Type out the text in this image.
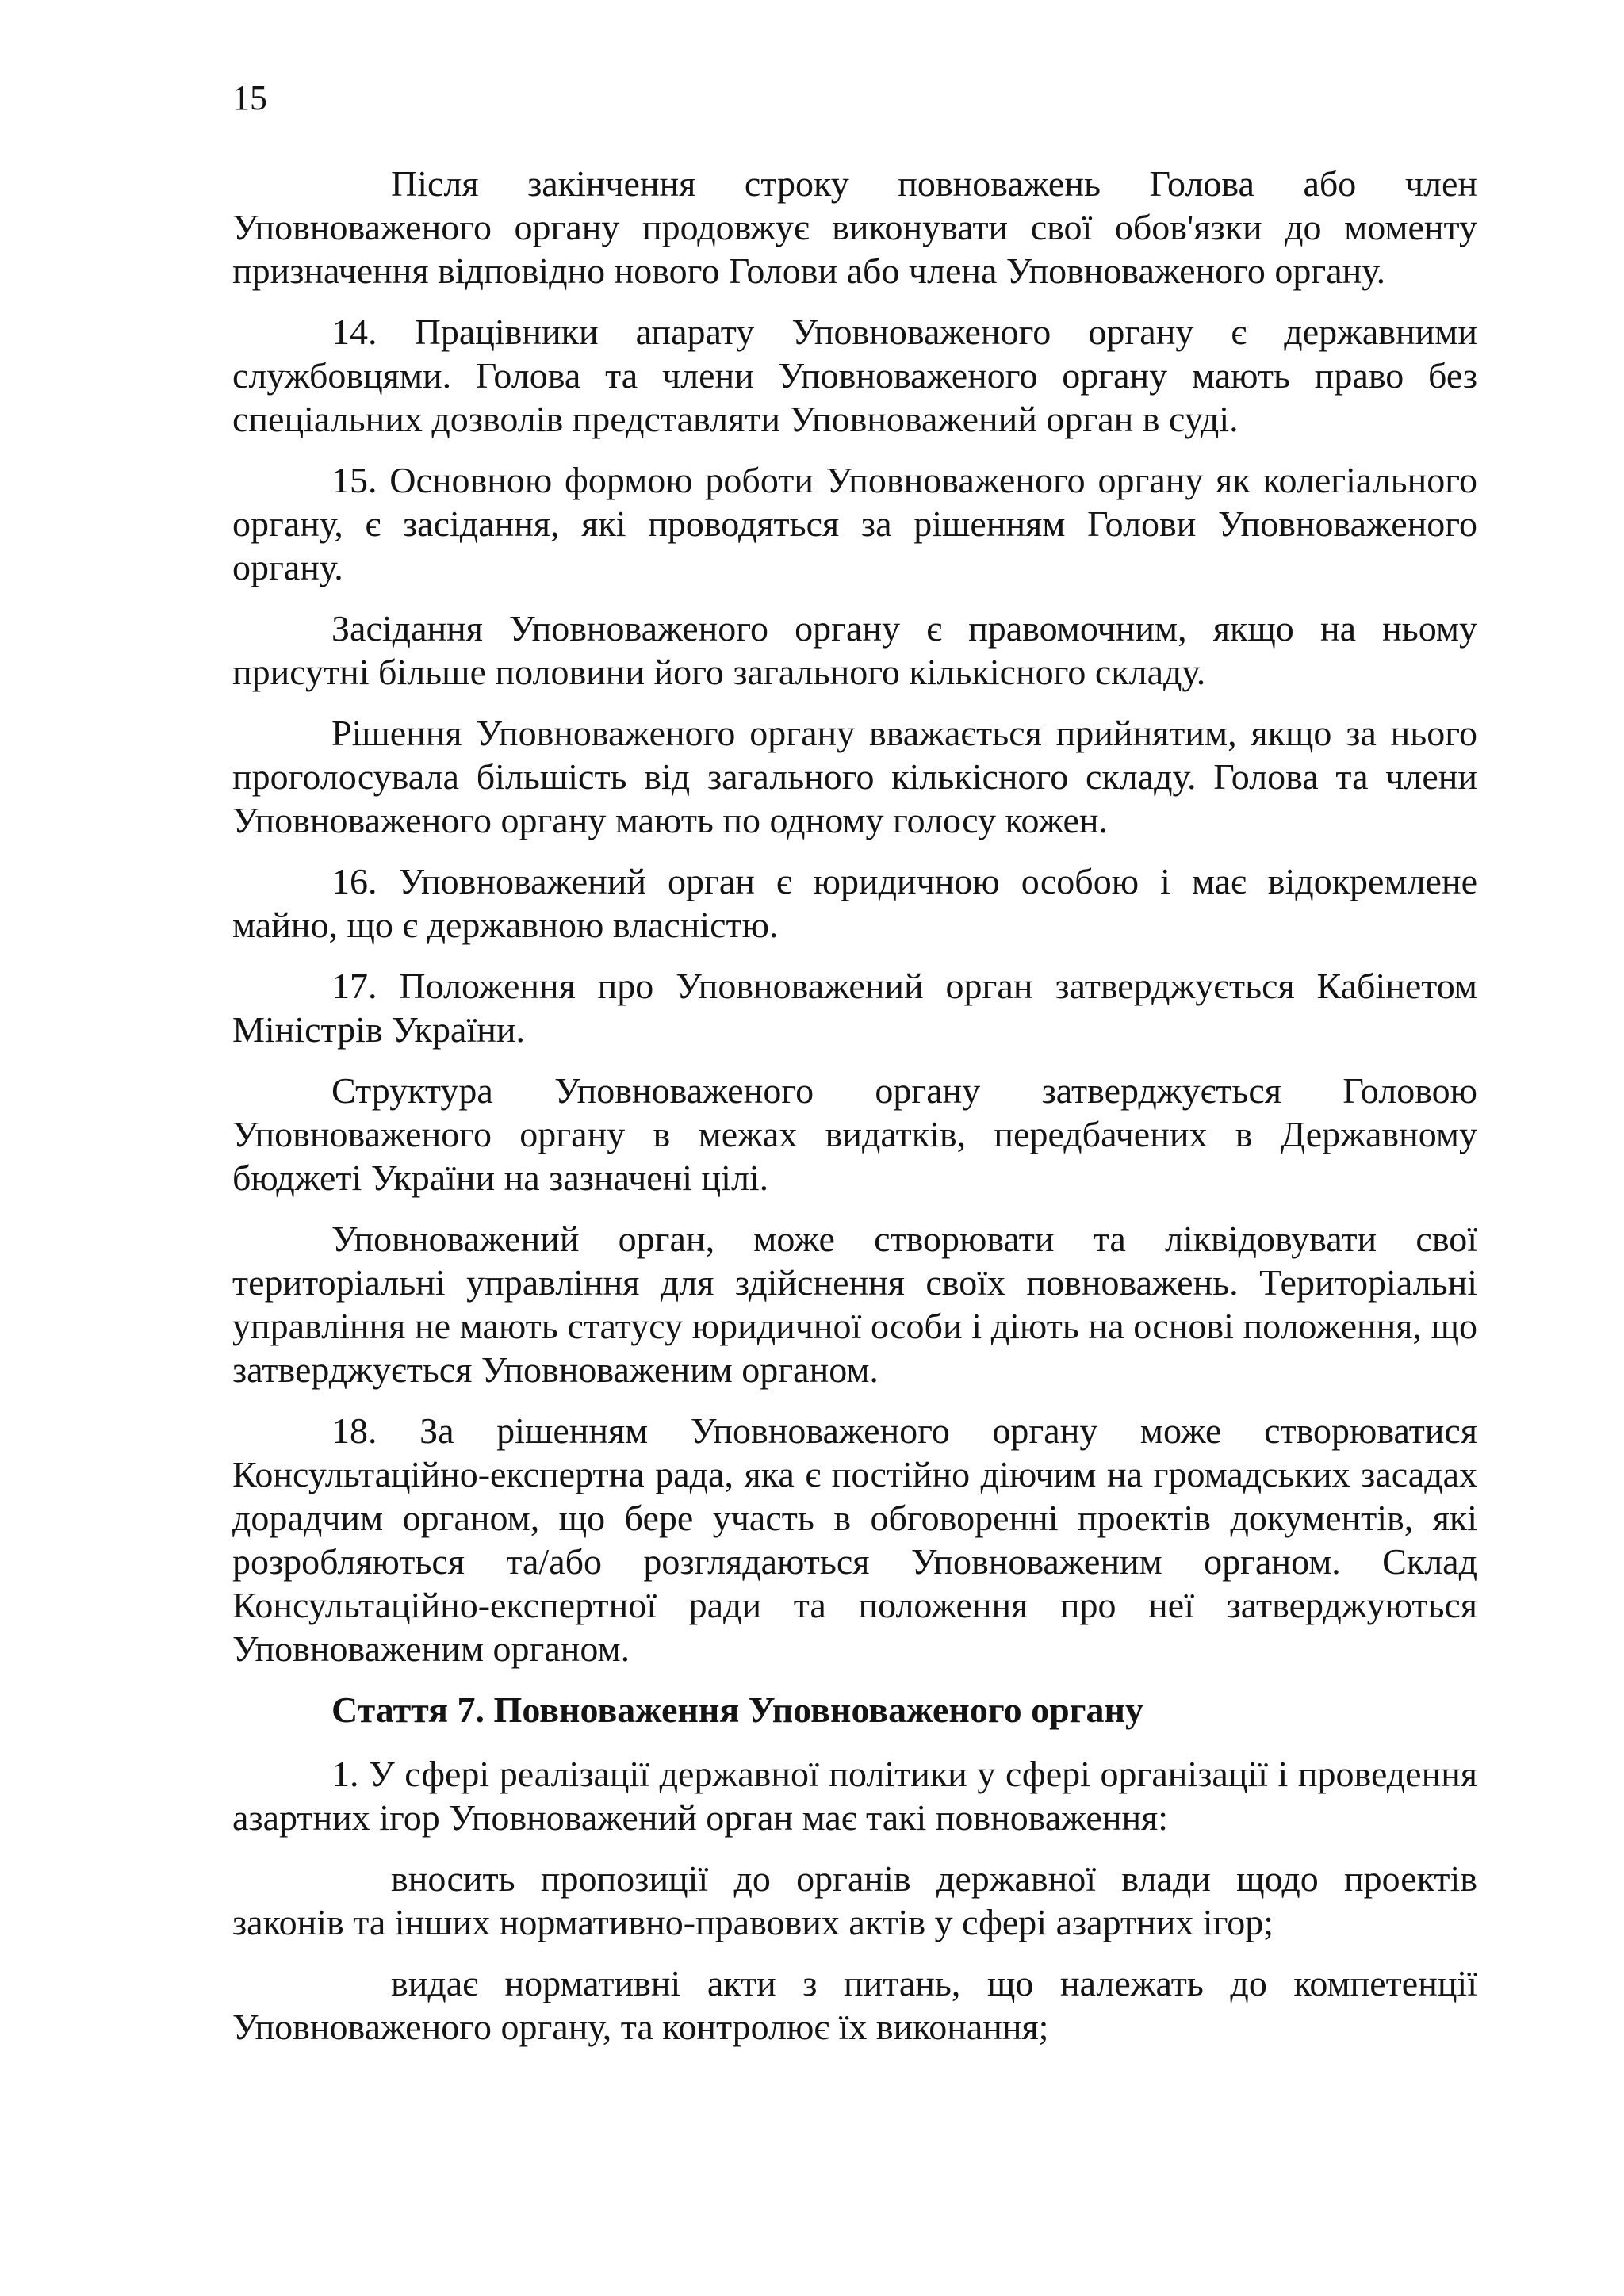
15

Після закінчення строку повноважень Голова або член Уповноваженого органу продовжує виконувати свої обов'язки до моменту призначення відповідно нового Голови або члена Уповноваженого органу.

14. Працівники апарату Уповноваженого органу є державними службовцями. Голова та члени Уповноваженого органу мають право без спеціальних дозволів представляти Уповноважений орган в суді.

15. Основною формою роботи Уповноваженого органу як колегіального органу, є засідання, які проводяться за рішенням Голови Уповноваженого органу.

Засідання Уповноваженого органу є правомочним, якщо на ньому присутні більше половини його загального кількісного складу.

Рішення Уповноваженого органу вважається прийнятим, якщо за нього проголосувала більшість від загального кількісного складу. Голова та члени Уповноваженого органу мають по одному голосу кожен.

16. Уповноважений орган є юридичною особою і має відокремлене майно, що є державною власністю.

17. Положення про Уповноважений орган затверджується Кабінетом Міністрів України.

Структура Уповноваженого органу затверджується Головою Уповноваженого органу в межах видатків, передбачених в Державному бюджеті України на зазначені цілі.

Уповноважений орган, може створювати та ліквідовувати свої територіальні управління для здійснення своїх повноважень. Територіальні управління не мають статусу юридичної особи і діють на основі положення, що затверджується Уповноваженим органом.

18. За рішенням Уповноваженого органу може створюватися Консультаційно-експертна рада, яка є постійно діючим на громадських засадах дорадчим органом, що бере участь в обговоренні проектів документів, які розробляються та/або розглядаються Уповноваженим органом. Склад Консультаційно-експертної ради та положення про неї затверджуються Уповноваженим органом.

Стаття 7. Повноваження Уповноваженого органу

1. У сфері реалізації державної політики у сфері організації і проведення азартних ігор Уповноважений орган має такі повноваження:

вносить пропозиції до органів державної влади щодо проектів законів та інших нормативно-правових актів у сфері азартних ігор;

видає нормативні акти з питань, що належать до компетенції Уповноваженого органу, та контролює їх виконання;
